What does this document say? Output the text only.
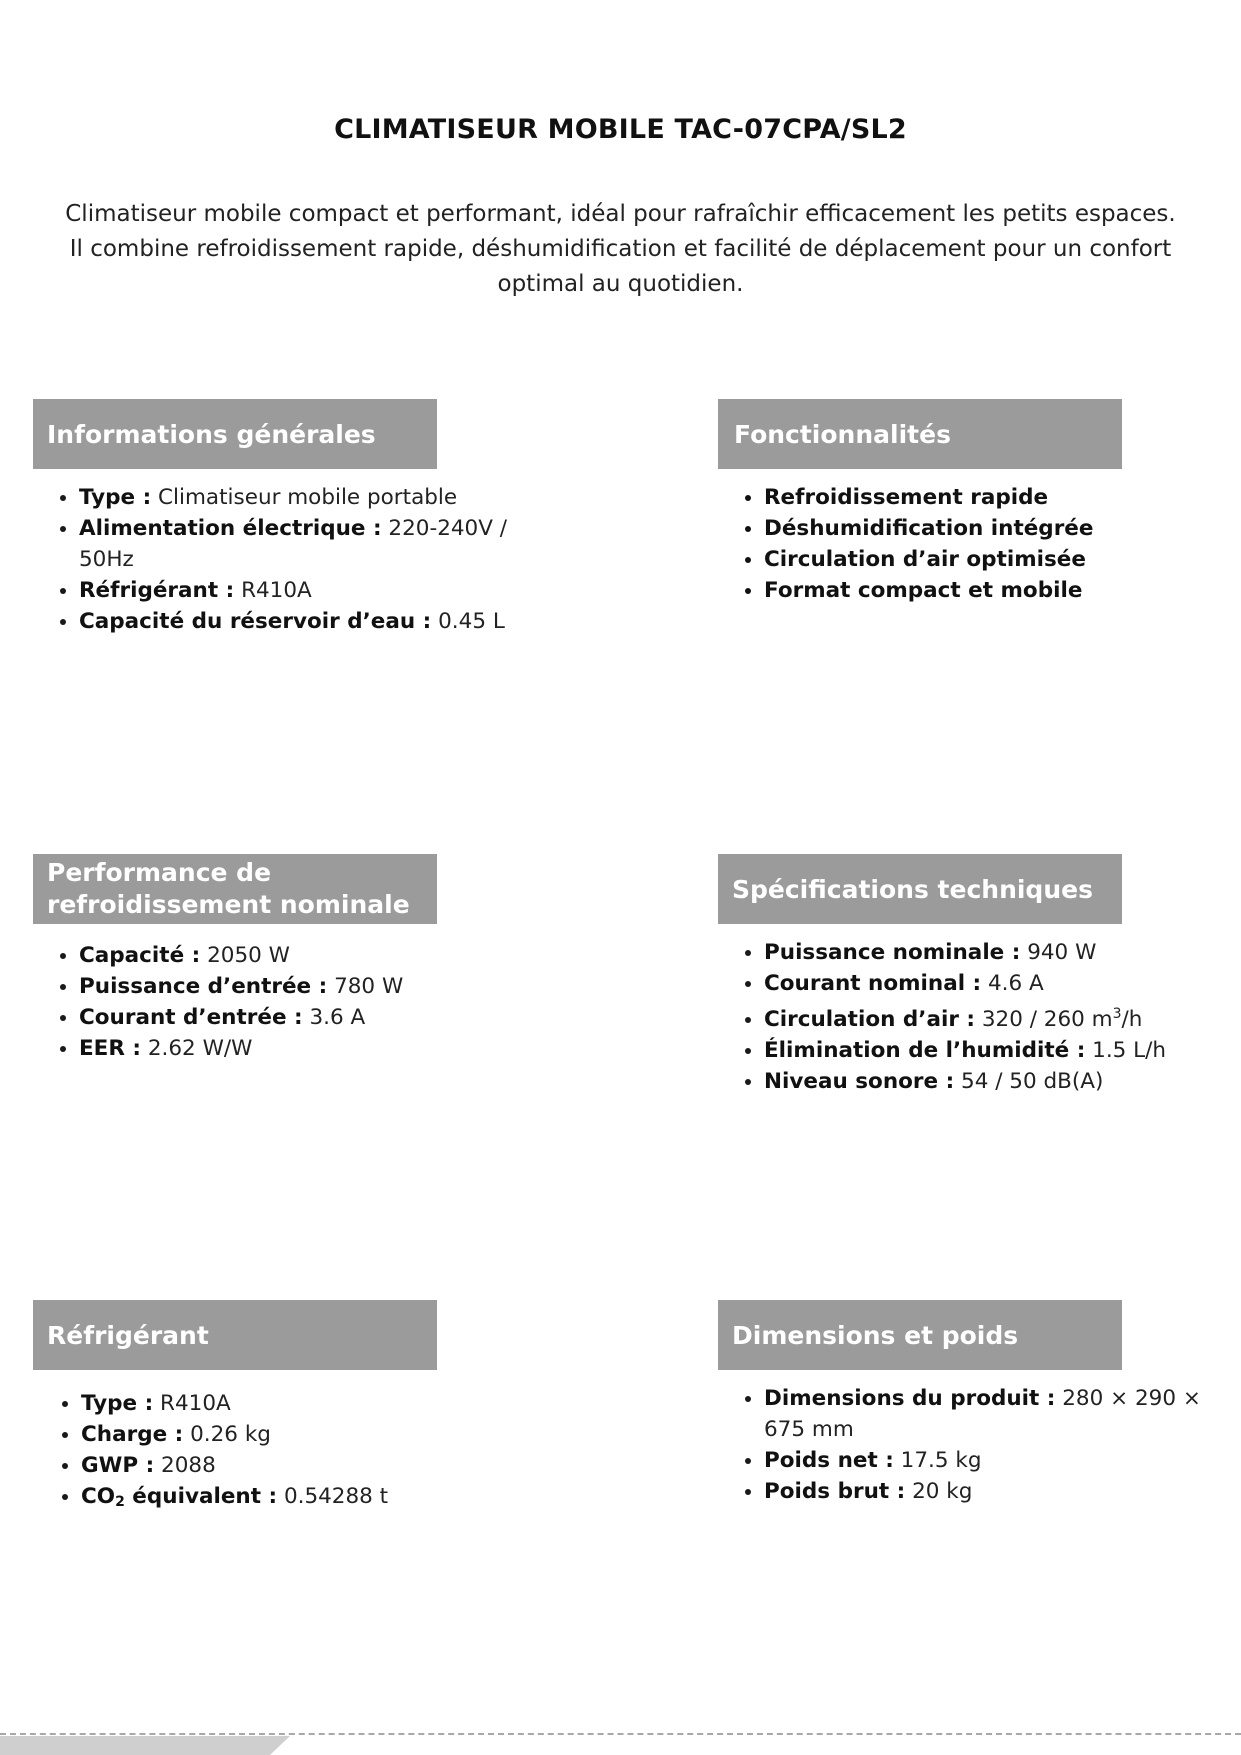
CLIMATISEUR MOBILE TAC-07CPA/SL2
Climatiseur mobile compact et performant, idéal pour rafraîchir efficacement les petits espaces. Il combine refroidissement rapide, déshumidification et facilité de déplacement pour un confort optimal au quotidien.
Informations générales
• Type : Climatiseur mobile portable
• Alimentation électrique : 220-240V / 50Hz
• Réfrigérant : R410A
• Capacité du réservoir d’eau : 0.45 L
Fonctionnalités
• Refroidissement rapide
• Déshumidification intégrée
• Circulation d’air optimisée
• Format compact et mobile
Performance de refroidissement nominale
• Capacité : 2050 W
• Puissance d’entrée : 780 W
• Courant d’entrée : 3.6 A
• EER : 2.62 W/W
Spécifications techniques
• Puissance nominale : 940 W
• Courant nominal : 4.6 A
• Circulation d’air : 320 / 260 $m^3/h$
• Élimination de l’humidité : 1.5 L/h
• Niveau sonore : 54 / 50 dB(A)
Réfrigérant
• Type : R410A
• Charge : 0.26 kg
• GWP : 2088
• $CO_2$ équivalent : 0.54288 t
Dimensions et poids
• Dimensions du produit : 280 × 290 × 675 mm
• Poids net : 17.5 kg
• Poids brut : 20 kg
